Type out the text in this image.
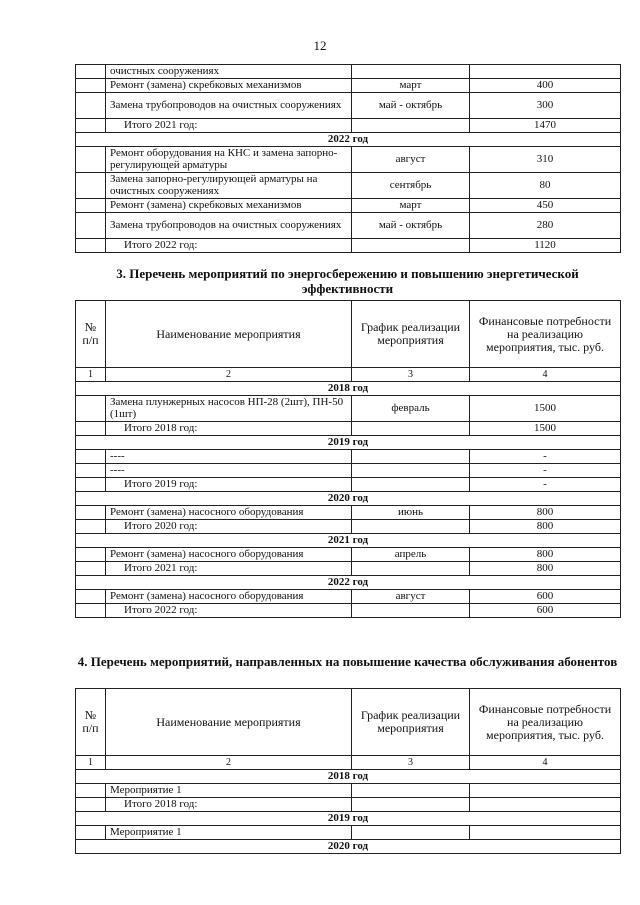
12
	очистных сооружениях		
	Ремонт (замена) скребковых механизмов	март	400
	Замена трубопроводов на очистных сооружениях	май - октябрь	300
	Итого 2021 год:		1470
2022 год			
	Ремонт оборудования на КНС и замена запорно-регулирующей арматуры	август	310
	Замена запорно-регулирующей арматуры на очистных сооружениях	сентябрь	80
	Ремонт (замена) скребковых механизмов	март	450
	Замена трубопроводов на очистных сооружениях	май - октябрь	280
	Итого 2022 год:		1120
3. Перечень мероприятий по энергосбережению и повышению энергетической эффективности
№ п/п	Наименование мероприятия	График реализации мероприятия	Финансовые потребности на реализацию мероприятия, тыс. руб.
1	2	3	4
2018 год			
	Замена плунжерных насосов НП-28 (2шт), ПН-50 (1шт)	февраль	1500
	Итого 2018 год:		1500
2019 год			
	----		-
	----		-
	Итого 2019 год:		-
2020 год			
	Ремонт (замена) насосного оборудования	июнь	800
	Итого 2020 год:		800
2021 год			
	Ремонт (замена) насосного оборудования	апрель	800
	Итого 2021 год:		800
2022 год			
	Ремонт (замена) насосного оборудования	август	600
	Итого 2022 год:		600
4. Перечень мероприятий, направленных на повышение качества обслуживания абонентов
№ п/п	Наименование мероприятия	График реализации мероприятия	Финансовые потребности на реализацию мероприятия, тыс. руб.
1	2	3	4
2018 год			
	Мероприятие 1		
	Итого 2018 год:		
2019 год			
	Мероприятие 1		
2020 год			
